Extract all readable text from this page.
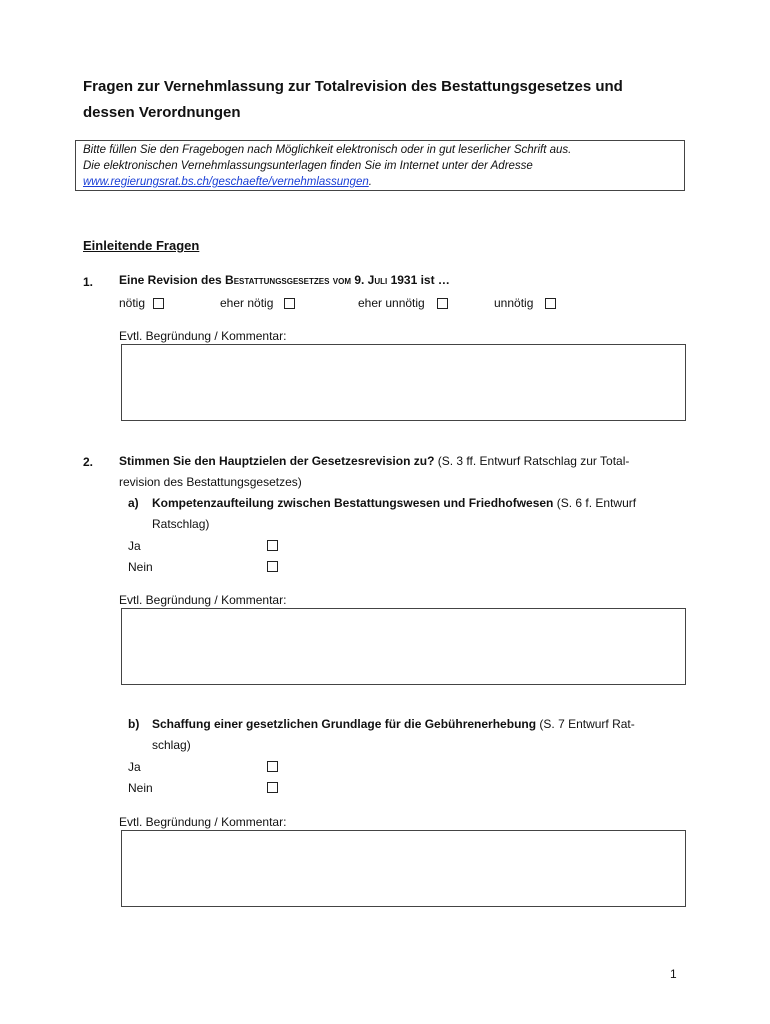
Fragen zur Vernehmlassung zur Totalrevision des Bestattungsgesetzes und
dessen Verordnungen
Bitte füllen Sie den Fragebogen nach Möglichkeit elektronisch oder in gut leserlicher Schrift aus.
Die elektronischen Vernehmlassungsunterlagen finden Sie im Internet unter der Adresse
www.regierungsrat.bs.ch/geschaefte/vernehmlassungen.
Einleitende Fragen
1. Eine Revision des Bestattungsgesetzes vom 9. Juli 1931 ist …
nötig	eher nötig	eher unnötig	unnötig
Evtl. Begründung / Kommentar:
2. Stimmen Sie den Hauptzielen der Gesetzesrevision zu? (S. 3 ff. Entwurf Ratschlag zur Total-
revision des Bestattungsgesetzes)
a) Kompetenzaufteilung zwischen Bestattungswesen und Friedhofwesen (S. 6 f. Entwurf
Ratschlag)
Ja
Nein
Evtl. Begründung / Kommentar:
b) Schaffung einer gesetzlichen Grundlage für die Gebührenerhebung (S. 7 Entwurf Rat-
schlag)
Ja
Nein
Evtl. Begründung / Kommentar:
1
